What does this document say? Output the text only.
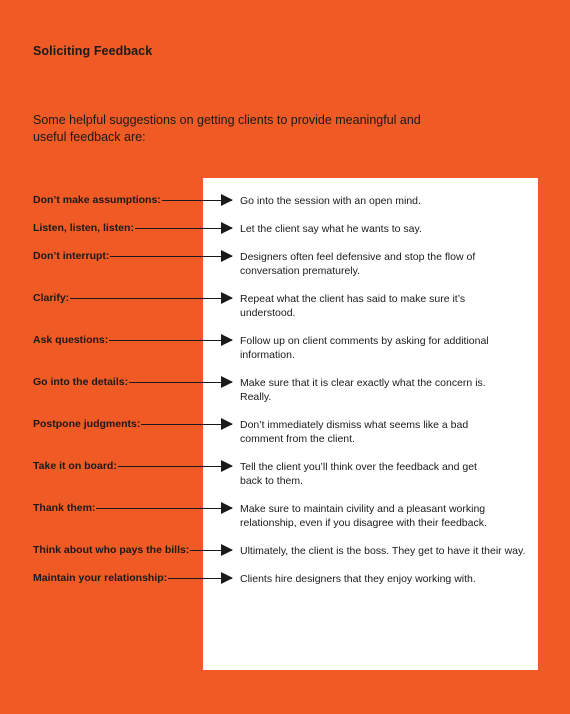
Soliciting Feedback
Some helpful suggestions on getting clients to provide meaningful and useful feedback are:
Don’t make assumptions:	Go into the session with an open mind.
Listen, listen, listen:	Let the client say what he wants to say.
Don’t interrupt:	Designers often feel defensive and stop the flow of conversation prematurely.
Clarify:	Repeat what the client has said to make sure it’s understood.
Ask questions:	Follow up on client comments by asking for additional information.
Go into the details:	Make sure that it is clear exactly what the concern is. Really.
Postpone judgments:	Don’t immediately dismiss what seems like a bad comment from the client.
Take it on board:	Tell the client you’ll think over the feedback and get back to them.
Thank them:	Make sure to maintain civility and a pleasant working relationship, even if you disagree with their feedback.
Think about who pays the bills:	Ultimately, the client is the boss. They get to have it their way.
Maintain your relationship:	Clients hire designers that they enjoy working with.
